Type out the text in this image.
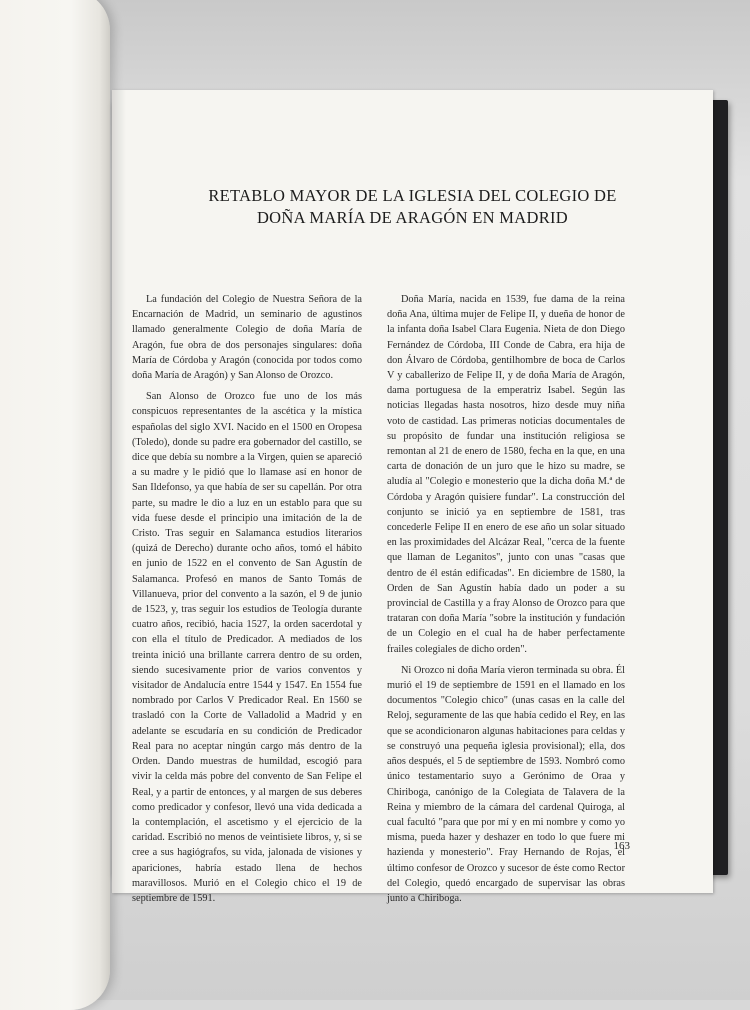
RETABLO MAYOR DE LA IGLESIA DEL COLEGIO DE
DOÑA MARÍA DE ARAGÓN EN MADRID

La fundación del Colegio de Nuestra Señora de la Encarnación de Madrid, un seminario de agustinos llamado generalmente Colegio de doña María de Aragón, fue obra de dos personajes singulares: doña María de Córdoba y Aragón (conocida por todos como doña María de Aragón) y San Alonso de Orozco.

San Alonso de Orozco fue uno de los más conspicuos representantes de la ascética y la mística españolas del siglo XVI. Nacido en el 1500 en Oropesa (Toledo), donde su padre era gobernador del castillo, se dice que debía su nombre a la Virgen, quien se apareció a su madre y le pidió que lo llamase así en honor de San Ildefonso, ya que había de ser su capellán. Por otra parte, su madre le dio a luz en un establo para que su vida fuese desde el principio una imitación de la de Cristo. Tras seguir en Salamanca estudios literarios (quizá de Derecho) durante ocho años, tomó el hábito en junio de 1522 en el convento de San Agustín de Salamanca. Profesó en manos de Santo Tomás de Villanueva, prior del convento a la sazón, el 9 de junio de 1523, y, tras seguir los estudios de Teología durante cuatro años, recibió, hacia 1527, la orden sacerdotal y con ella el título de Predicador. A mediados de los treinta inició una brillante carrera dentro de su orden, siendo sucesivamente prior de varios conventos y visitador de Andalucía entre 1544 y 1547. En 1554 fue nombrado por Carlos V Predicador Real. En 1560 se trasladó con la Corte de Valladolid a Madrid y en adelante se escudaría en su condición de Predicador Real para no aceptar ningún cargo más dentro de la Orden. Dando muestras de humildad, escogió para vivir la celda más pobre del convento de San Felipe el Real, y a partir de entonces, y al margen de sus deberes como predicador y confesor, llevó una vida dedicada a la contemplación, el ascetismo y el ejercicio de la caridad. Escribió no menos de veintisiete libros, y, si se cree a sus hagiógrafos, su vida, jalonada de visiones y apariciones, habría estado llena de hechos maravillosos. Murió en el Colegio chico el 19 de septiembre de 1591.

Doña María, nacida en 1539, fue dama de la reina doña Ana, última mujer de Felipe II, y dueña de honor de la infanta doña Isabel Clara Eugenia. Nieta de don Diego Fernández de Córdoba, III Conde de Cabra, era hija de don Álvaro de Córdoba, gentilhombre de boca de Carlos V y caballerizo de Felipe II, y de doña María de Aragón, dama portuguesa de la emperatriz Isabel. Según las noticias llegadas hasta nosotros, hizo desde muy niña voto de castidad. Las primeras noticias documentales de su propósito de fundar una institución religiosa se remontan al 21 de enero de 1580, fecha en la que, en una carta de donación de un juro que le hizo su madre, se aludía al "Colegio e monesterio que la dicha doña M.ª de Córdoba y Aragón quisiere fundar". La construcción del conjunto se inició ya en septiembre de 1581, tras concederle Felipe II en enero de ese año un solar situado en las proximidades del Alcázar Real, "cerca de la fuente que llaman de Leganitos", junto con unas "casas que dentro de él están edificadas". En diciembre de 1580, la Orden de San Agustín había dado un poder a su provincial de Castilla y a fray Alonso de Orozco para que trataran con doña María "sobre la institución y fundación de un Colegio en el cual ha de haber perfectamente frailes colegiales de dicho orden".

Ni Orozco ni doña María vieron terminada su obra. Él murió el 19 de septiembre de 1591 en el llamado en los documentos "Colegio chico" (unas casas en la calle del Reloj, seguramente de las que había cedido el Rey, en las que se acondicionaron algunas habitaciones para celdas y se construyó una pequeña iglesia provisional); ella, dos años después, el 5 de septiembre de 1593. Nombró como único testamentario suyo a Gerónimo de Oraa y Chiriboga, canónigo de la Colegiata de Talavera de la Reina y miembro de la cámara del cardenal Quiroga, al cual facultó "para que por mí y en mi nombre y como yo misma, pueda hazer y deshazer en todo lo que fuere mi hazienda y monesterio". Fray Hernando de Rojas, el último confesor de Orozco y sucesor de éste como Rector del Colegio, quedó encargado de supervisar las obras junto a Chiriboga.

163
